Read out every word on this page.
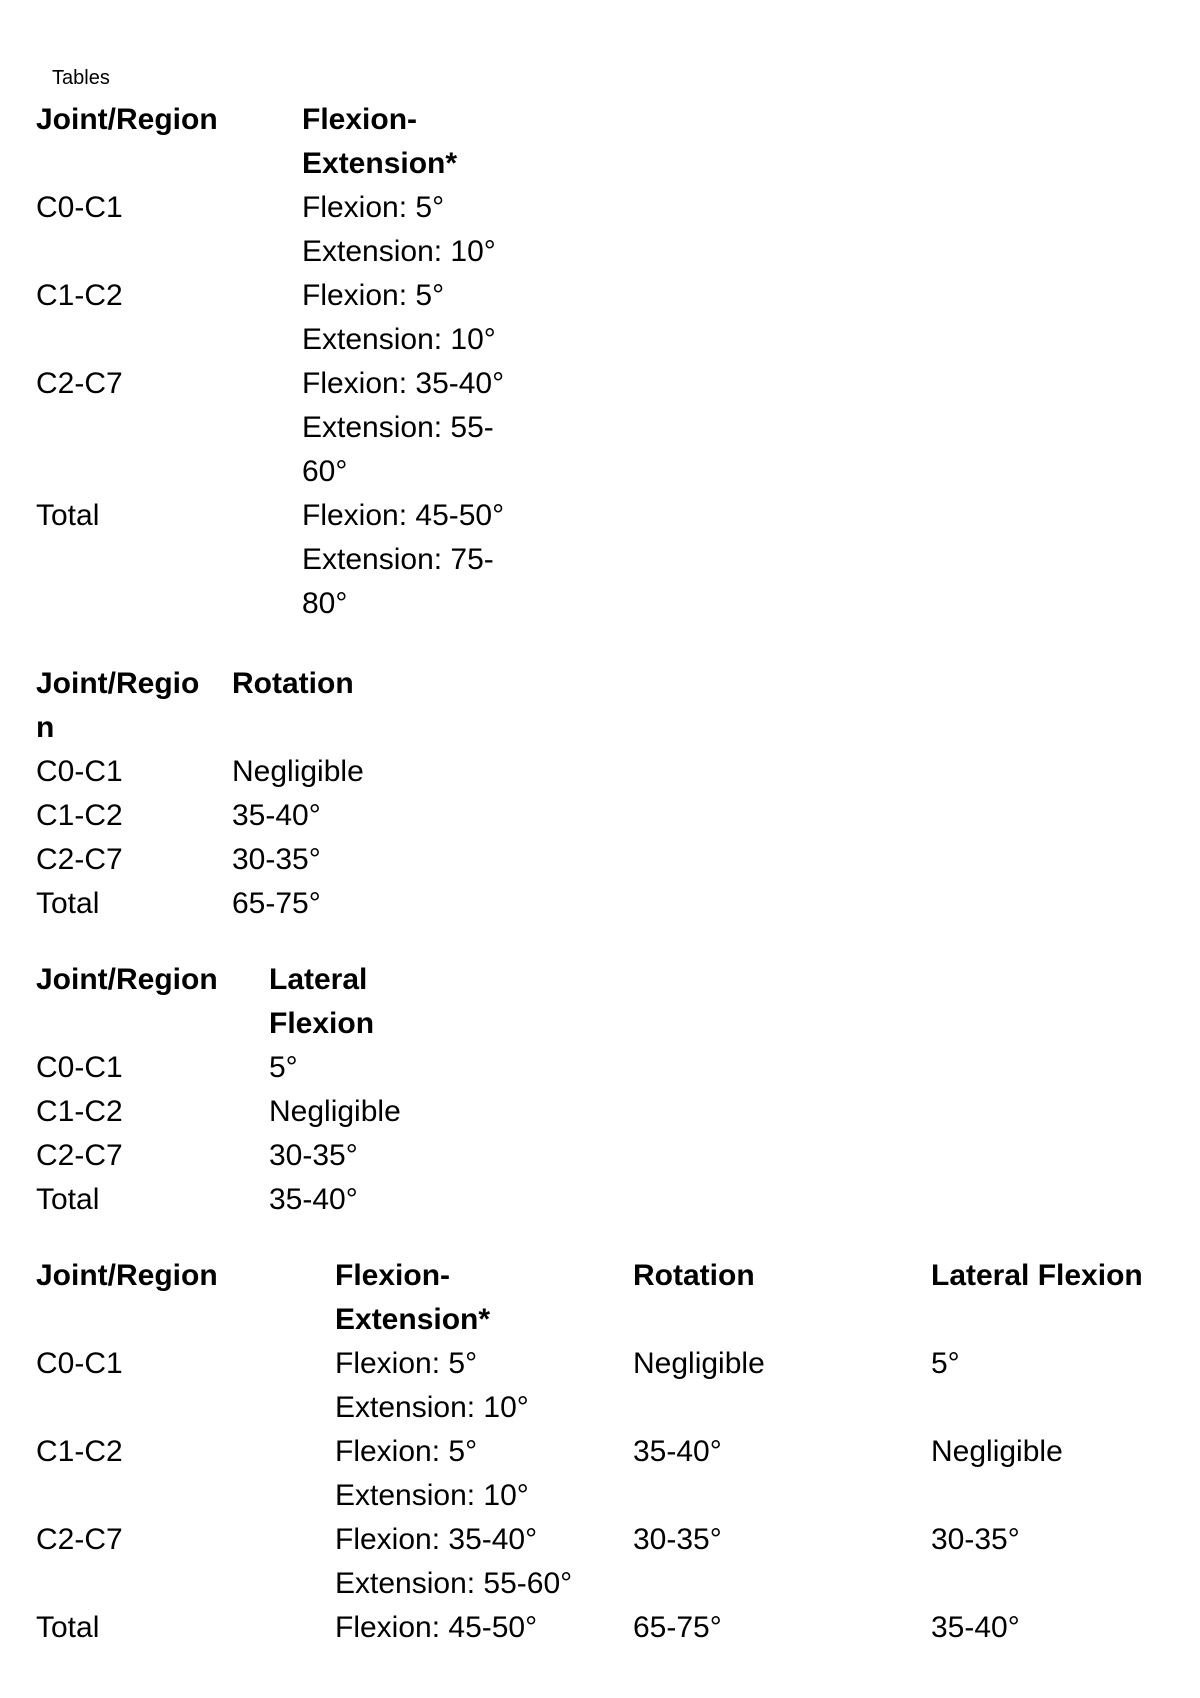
Tables
Joint/Region	Flexion-
Extension*

C0-C1	Flexion: 5°
Extension: 10°

C1-C2	Flexion: 5°
Extension: 10°

C2-C7	Flexion: 35-40°
Extension: 55-
60°

Total	Flexion: 45-50°
Extension: 75-
80°
Joint/Regio
n	Rotation
C0-C1	Negligible
C1-C2	35-40°
C2-C7	30-35°
Total	65-75°
Joint/Region	Lateral
Flexion

C0-C1	5°
C1-C2	Negligible
C2-C7	30-35°
Total	35-40°
Joint/Region	Flexion-
Extension*	Rotation	Lateral Flexion
C0-C1	Flexion: 5°
Extension: 10°	Negligible	5°
C1-C2	Flexion: 5°
Extension: 10°	35-40°	Negligible
C2-C7	Flexion: 35-40°
Extension: 55-60°	30-35°	30-35°
Total	Flexion: 45-50°	65-75°	35-40°
